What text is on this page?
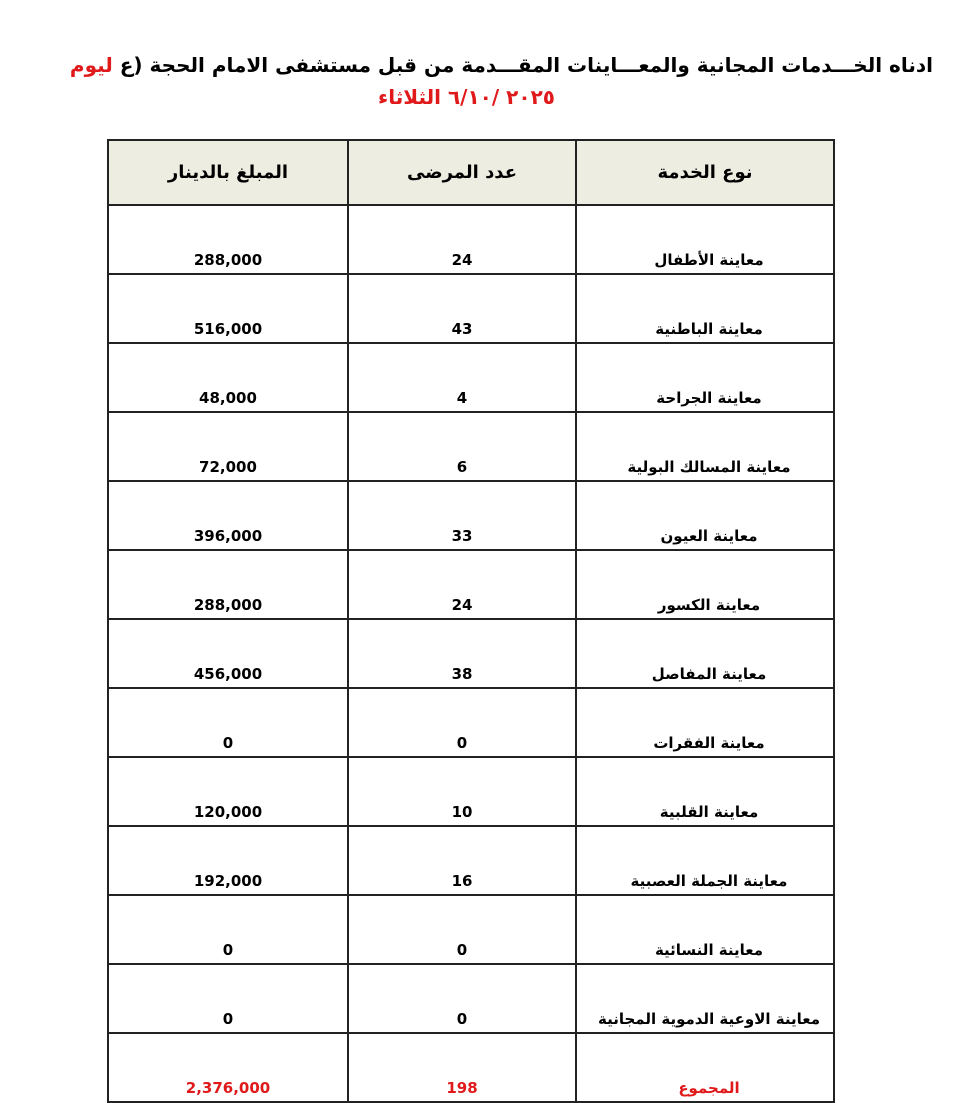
ادناه الخـــدمات المجانية والمعـــاينات المقـــدمة من قبل مستشفى الامام الحجة (ع ليوم
٢٠٢٥ /٦/١٠ الثلاثاء
نوع الخدمة	عدد المرضى	المبلغ بالدينار
معاينة الأطفال	24	288,000
معاينة الباطنية	43	516,000
معاينة الجراحة	4	48,000
معاينة المسالك البولية	6	72,000
معاينة العيون	33	396,000
معاينة الكسور	24	288,000
معاينة المفاصل	38	456,000
معاينة الفقرات	0	0
معاينة القلبية	10	120,000
معاينة الجملة العصبية	16	192,000
معاينة النسائية	0	0
معاينة الاوعية الدموية المجانية	0	0
المجموع	198	2,376,000
